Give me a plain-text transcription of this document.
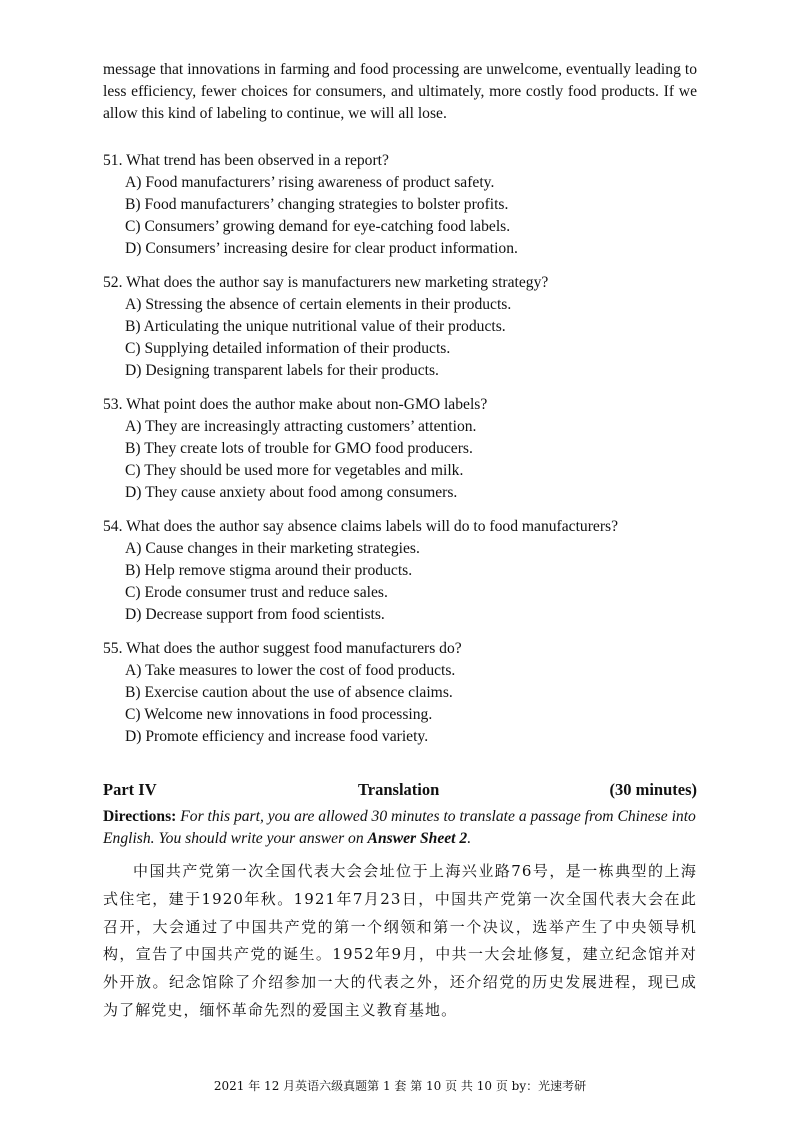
message that innovations in farming and food processing are unwelcome, eventually leading to less efficiency, fewer choices for consumers, and ultimately, more costly food products. If we allow this kind of labeling to continue, we will all lose.

51. What trend has been observed in a report?
A) Food manufacturers’ rising awareness of product safety.
B) Food manufacturers’ changing strategies to bolster profits.
C) Consumers’ growing demand for eye-catching food labels.
D) Consumers’ increasing desire for clear product information.
52. What does the author say is manufacturers new marketing strategy?
A) Stressing the absence of certain elements in their products.
B) Articulating the unique nutritional value of their products.
C) Supplying detailed information of their products.
D) Designing transparent labels for their products.
53. What point does the author make about non-GMO labels?
A) They are increasingly attracting customers’ attention.
B) They create lots of trouble for GMO food producers.
C) They should be used more for vegetables and milk.
D) They cause anxiety about food among consumers.
54. What does the author say absence claims labels will do to food manufacturers?
A) Cause changes in their marketing strategies.
B) Help remove stigma around their products.
C) Erode consumer trust and reduce sales.
D) Decrease support from food scientists.
55. What does the author suggest food manufacturers do?
A) Take measures to lower the cost of food products.
B) Exercise caution about the use of absence claims.
C) Welcome new innovations in food processing.
D) Promote efficiency and increase food variety.
Part IV	Translation	(30 minutes)
Directions: For this part, you are allowed 30 minutes to translate a passage from Chinese into English. You should write your answer on Answer Sheet 2.

中国共产党第一次全国代表大会会址位于上海兴业路76号，是一栋典型的上海式住宅，建于1920年秋。1921年7月23日，中国共产党第一次全国代表大会在此召开，大会通过了中国共产党的第一个纲领和第一个决议，选举产生了中央领导机构，宣告了中国共产党的诞生。1952年9月，中共一大会址修复，建立纪念馆并对外开放。纪念馆除了介绍参加一大的代表之外，还介绍党的历史发展进程，现已成为了解党史，缅怀革命先烈的爱国主义教育基地。

2021 年 12 月英语六级真题第 1 套 第 10 页 共 10 页 by：光速考研
